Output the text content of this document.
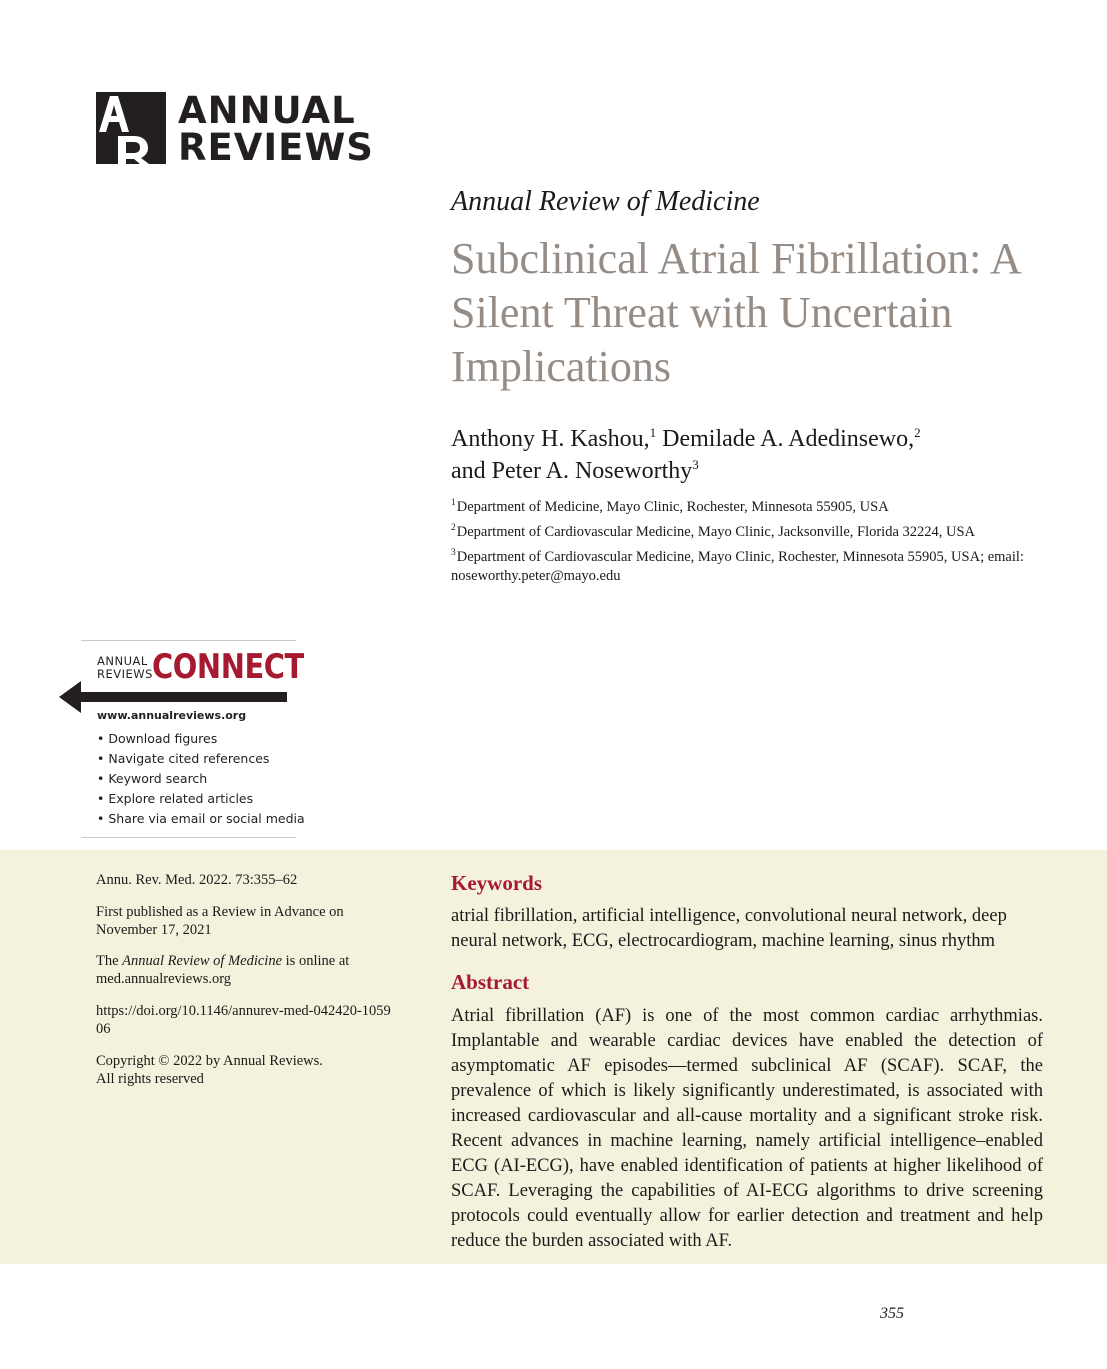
ANNUAL
REVIEWS
Annual Review of Medicine
Subclinical Atrial Fibrillation: A Silent Threat with Uncertain Implications
Anthony H. Kashou,$^1$ Demilade A. Adedinsewo,$^2$
and Peter A. Noseworthy$^3$
$^1$Department of Medicine, Mayo Clinic, Rochester, Minnesota 55905, USA
$^2$Department of Cardiovascular Medicine, Mayo Clinic, Jacksonville, Florida 32224, USA
$^3$Department of Cardiovascular Medicine, Mayo Clinic, Rochester, Minnesota 55905, USA; email: noseworthy.peter@mayo.edu
ANNUAL
REVIEWS CONNECT
www.annualreviews.org
• Download figures
• Navigate cited references
• Keyword search
• Explore related articles
• Share via email or social media
Annu. Rev. Med. 2022. 73:355–62
First published as a Review in Advance on November 17, 2021
The Annual Review of Medicine is online at med.annualreviews.org
https://doi.org/10.1146/annurev-med-042420-105906
Copyright © 2022 by Annual Reviews.
All rights reserved
Keywords
atrial fibrillation, artificial intelligence, convolutional neural network, deep neural network, ECG, electrocardiogram, machine learning, sinus rhythm
Abstract
Atrial fibrillation (AF) is one of the most common cardiac arrhythmias. Implantable and wearable cardiac devices have enabled the detection of asymptomatic AF episodes—termed subclinical AF (SCAF). SCAF, the prevalence of which is likely significantly underestimated, is associated with increased cardiovascular and all-cause mortality and a significant stroke risk. Recent advances in machine learning, namely artificial intelligence–enabled ECG (AI-ECG), have enabled identification of patients at higher likelihood of SCAF. Leveraging the capabilities of AI-ECG algorithms to drive screening protocols could eventually allow for earlier detection and treatment and help reduce the burden associated with AF.
355
